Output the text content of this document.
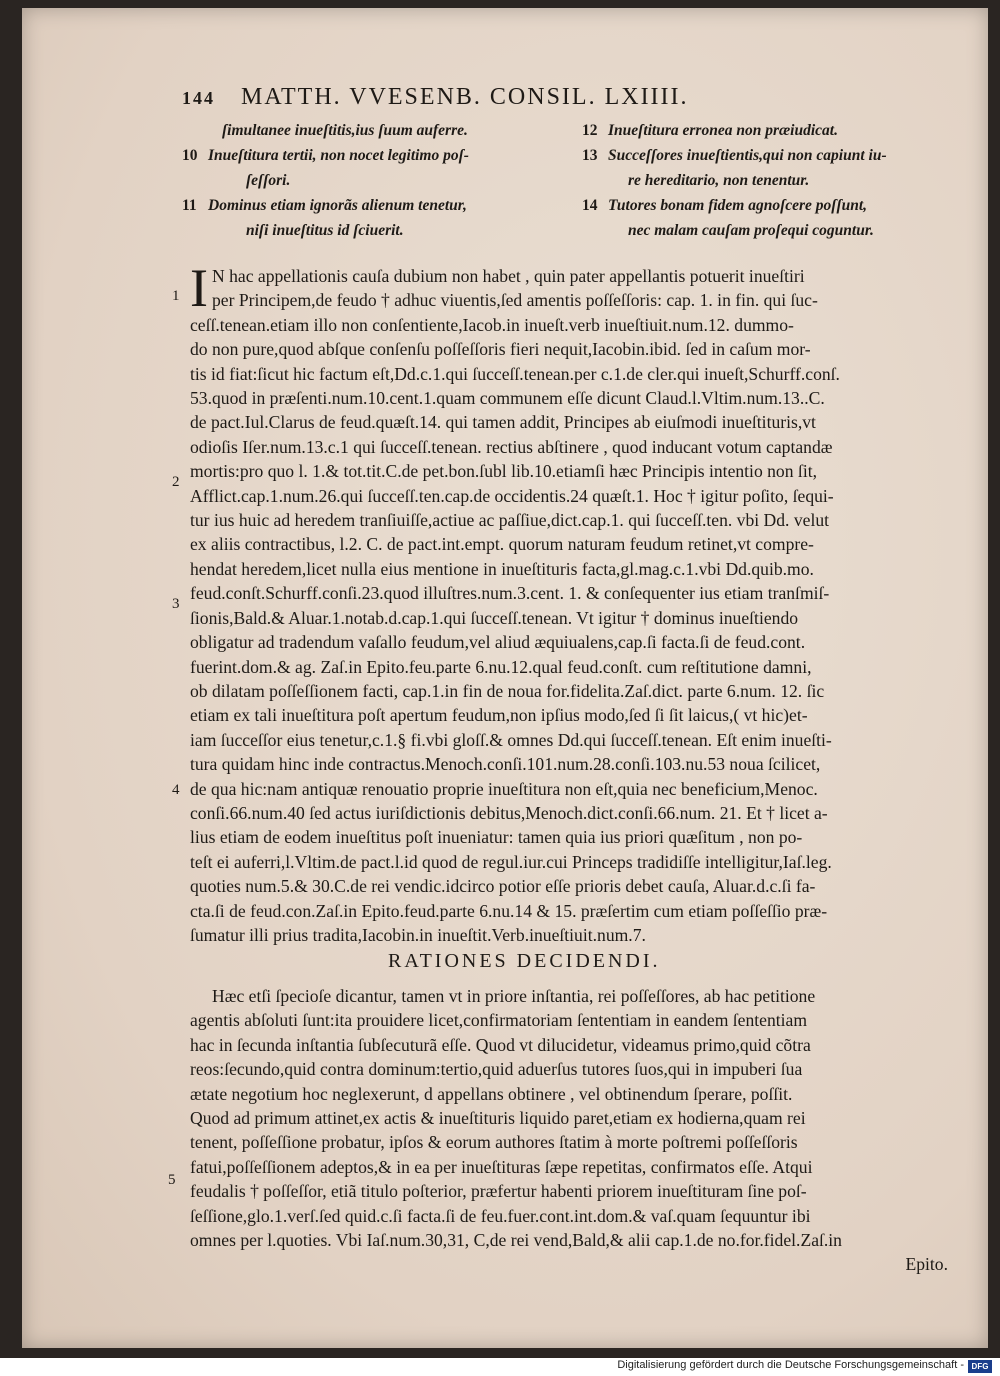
144 MATTH. VVESENB. CONSIL. LXIIII.
ſimultanee inueſtitis,ius ſuum auferre.
10 Inueſtitura tertii, non nocet legitimo poſ-
ſeſſori.
11 Dominus etiam ignorãs alienum tenetur,
niſi inueſtitus id ſciuerit.
12 Inueſtitura erronea non præiudicat.
13 Succeſſores inueſtientis,qui non capiunt iu-
re hereditario, non tenentur.
14 Tutores bonam fidem agnoſcere poſſunt,
nec malam cauſam proſequi coguntur.
I N hac appellationis cauſa dubium non habet , quin pater appellantis potuerit inueſtiri
per Principem,de feudo † adhuc viuentis,ſed amentis poſſeſſoris: cap. 1. in fin. qui ſuc-
ceſſ.tenean.etiam illo non conſentiente,Iacob.in inueſt.verb inueſtiuit.num.12. dummo-
do non pure,quod abſque conſenſu poſſeſſoris fieri nequit,Iacobin.ibid. ſed in caſum mor-
tis id fiat:ſicut hic factum eſt,Dd.c.1.qui ſucceſſ.tenean.per c.1.de cler.qui inueſt,Schurff.conſ.
53.quod in præſenti.num.10.cent.1.quam communem eſſe dicunt Claud.l.Vltim.num.13..C.
de pact.Iul.Clarus de feud.quæſt.14. qui tamen addit, Principes ab eiuſmodi inueſtituris,vt
odioſis Iſer.num.13.c.1 qui ſucceſſ.tenean. rectius abſtinere , quod inducant votum captandæ
mortis:pro quo l. 1.& tot.tit.C.de pet.bon.ſubl lib.10.etiamſi hæc Principis intentio non ſit,
Afflict.cap.1.num.26.qui ſucceſſ.ten.cap.de occidentis.24 quæſt.1. Hoc † igitur poſito, ſequi-
tur ius huic ad heredem tranſiuiſſe,actiue ac paſſiue,dict.cap.1. qui ſucceſſ.ten. vbi Dd. velut
ex aliis contractibus, l.2. C. de pact.int.empt. quorum naturam feudum retinet,vt compre-
hendat heredem,licet nulla eius mentione in inueſtituris facta,gl.mag.c.1.vbi Dd.quib.mo.
feud.conſt.Schurff.conſi.23.quod illuſtres.num.3.cent. 1. & conſequenter ius etiam tranſmiſ-
ſionis,Bald.& Aluar.1.notab.d.cap.1.qui ſucceſſ.tenean. Vt igitur † dominus inueſtiendo
obligatur ad tradendum vaſallo feudum,vel aliud æquiualens,cap.ſi facta.ſi de feud.cont.
fuerint.dom.& ag. Zaſ.in Epito.feu.parte 6.nu.12.qual feud.conſt. cum reſtitutione damni,
ob dilatam poſſeſſionem facti, cap.1.in fin de noua for.fidelita.Zaſ.dict. parte 6.num. 12. ſic
etiam ex tali inueſtitura poſt apertum feudum,non ipſius modo,ſed ſi ſit laicus,( vt hic)et-
iam ſucceſſor eius tenetur,c.1.§ fi.vbi gloſſ.& omnes Dd.qui ſucceſſ.tenean. Eſt enim inueſti-
tura quidam hinc inde contractus.Menoch.conſi.101.num.28.conſi.103.nu.53 noua ſcilicet,
de qua hic:nam antiquæ renouatio proprie inueſtitura non eſt,quia nec beneficium,Menoc.
conſi.66.num.40 ſed actus iuriſdictionis debitus,Menoch.dict.conſi.66.num. 21. Et † licet a-
lius etiam de eodem inueſtitus poſt inueniatur: tamen quia ius priori quæſitum , non po-
teſt ei auferri,l.Vltim.de pact.l.id quod de regul.iur.cui Princeps tradidiſſe intelligitur,Iaſ.leg.
quoties num.5.& 30.C.de rei vendic.idcirco potior eſſe prioris debet cauſa, Aluar.d.c.ſi fa-
cta.ſi de feud.con.Zaſ.in Epito.feud.parte 6.nu.14 & 15. præſertim cum etiam poſſeſſio præ-
ſumatur illi prius tradita,Iacobin.in inueſtit.Verb.inueſtiuit.num.7.
RATIONES DECIDENDI.
Hæc etſi ſpecioſe dicantur, tamen vt in priore inſtantia, rei poſſeſſores, ab hac petitione
agentis abſoluti ſunt:ita prouidere licet,confirmatoriam ſententiam in eandem ſententiam
hac in ſecunda inſtantia ſubſecuturã eſſe. Quod vt dilucidetur, videamus primo,quid cõtra
reos:ſecundo,quid contra dominum:tertio,quid aduerſus tutores ſuos,qui in impuberi ſua
ætate negotium hoc neglexerunt, d appellans obtinere , vel obtinendum ſperare, poſſit.
Quod ad primum attinet,ex actis & inueſtituris liquido paret,etiam ex hodierna,quam rei
tenent, poſſeſſione probatur, ipſos & eorum authores ſtatim à morte poſtremi poſſeſſoris
fatui,poſſeſſionem adeptos,& in ea per inueſtituras ſæpe repetitas, confirmatos eſſe. Atqui
feudalis † poſſeſſor, etiã titulo poſterior, præfertur habenti priorem inueſtituram ſine poſ-
ſeſſione,glo.1.verſ.ſed quid.c.ſi facta.ſi de feu.fuer.cont.int.dom.& vaſ.quam ſequuntur ibi
omnes per l.quoties. Vbi Iaſ.num.30,31, C,de rei vend,Bald,& alii cap.1.de no.for.fidel.Zaſ.in
Epito.
1
2
3
4
5
Digitalisierung gefördert durch die Deutsche Forschungsgemeinschaft - DFG
